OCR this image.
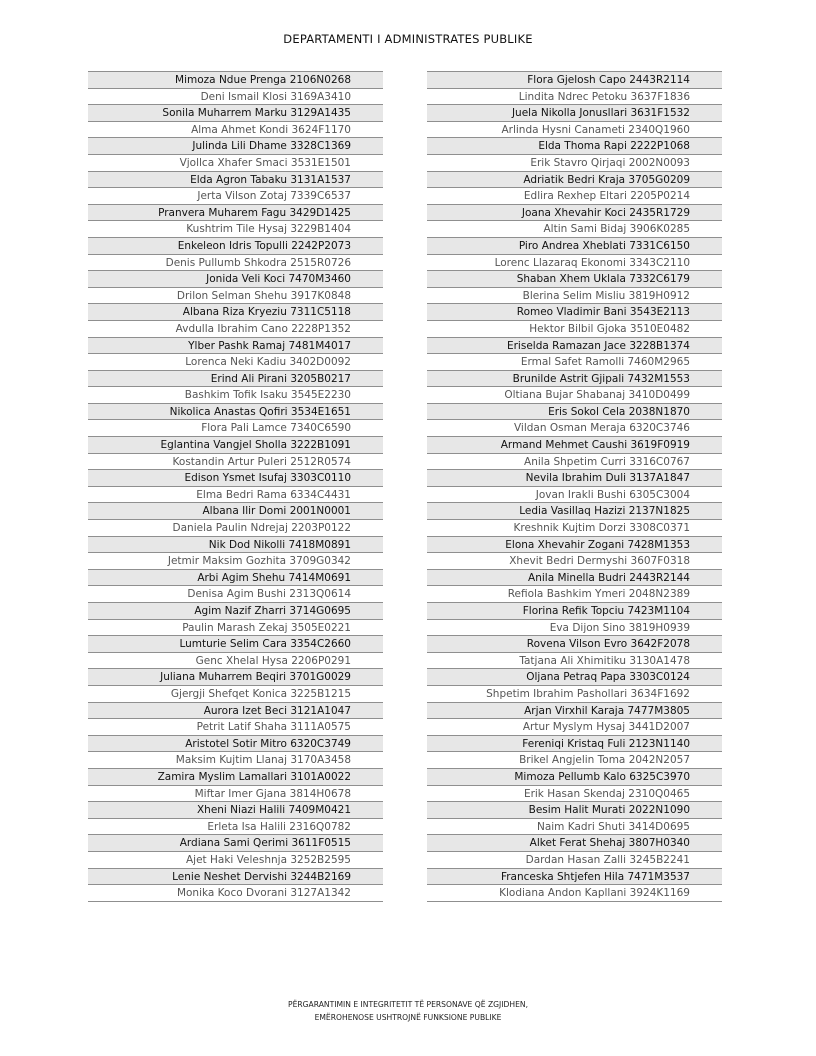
DEPARTAMENTI I ADMINISTRATES PUBLIKE
Mimoza Ndue Prenga 2106N0268
Deni Ismail Klosi 3169A3410
Sonila Muharrem Marku 3129A1435
Alma Ahmet Kondi 3624F1170
Julinda Lili Dhame 3328C1369
Vjollca Xhafer Smaci 3531E1501
Elda Agron Tabaku 3131A1537
Jerta Vilson Zotaj 7339C6537
Pranvera Muharem Fagu 3429D1425
Kushtrim Tile Hysaj 3229B1404
Enkeleon Idris Topulli 2242P2073
Denis Pullumb Shkodra 2515R0726
Jonida Veli Koci 7470M3460
Drilon Selman Shehu 3917K0848
Albana Riza Kryeziu 7311C5118
Avdulla Ibrahim Cano 2228P1352
Ylber Pashk Ramaj 7481M4017
Lorenca Neki Kadiu 3402D0092
Erind Ali Pirani 3205B0217
Bashkim Tofik Isaku 3545E2230
Nikolica Anastas Qofiri 3534E1651
Flora Pali Lamce 7340C6590
Eglantina Vangjel Sholla 3222B1091
Kostandin Artur Puleri 2512R0574
Edison Ysmet Isufaj 3303C0110
Elma Bedri Rama 6334C4431
Albana Ilir Domi 2001N0001
Daniela Paulin Ndrejaj 2203P0122
Nik Dod Nikolli 7418M0891
Jetmir Maksim Gozhita 3709G0342
Arbi Agim Shehu 7414M0691
Denisa Agim Bushi 2313Q0614
Agim Nazif Zharri 3714G0695
Paulin Marash Zekaj 3505E0221
Lumturie Selim Cara 3354C2660
Genc Xhelal Hysa 2206P0291
Juliana Muharrem Beqiri 3701G0029
Gjergji Shefqet Konica 3225B1215
Aurora Izet Beci 3121A1047
Petrit Latif Shaha 3111A0575
Aristotel Sotir Mitro 6320C3749
Maksim Kujtim Llanaj 3170A3458
Zamira Myslim Lamallari 3101A0022
Miftar Imer Gjana 3814H0678
Xheni Niazi Halili 7409M0421
Erleta Isa Halili 2316Q0782
Ardiana Sami Qerimi 3611F0515
Ajet Haki Veleshnja 3252B2595
Lenie Neshet Dervishi 3244B2169
Monika Koco Dvorani 3127A1342
Flora Gjelosh Capo 2443R2114
Lindita Ndrec Petoku 3637F1836
Juela Nikolla Jonusllari 3631F1532
Arlinda Hysni Canameti 2340Q1960
Elda Thoma Rapi 2222P1068
Erik Stavro Qirjaqi 2002N0093
Adriatik Bedri Kraja 3705G0209
Edlira Rexhep Eltari 2205P0214
Joana Xhevahir Koci 2435R1729
Altin Sami Bidaj 3906K0285
Piro Andrea Xheblati 7331C6150
Lorenc Llazaraq Ekonomi 3343C2110
Shaban Xhem Uklala 7332C6179
Blerina Selim Misliu 3819H0912
Romeo Vladimir Bani 3543E2113
Hektor Bilbil Gjoka 3510E0482
Eriselda Ramazan Jace 3228B1374
Ermal Safet Ramolli 7460M2965
Brunilde Astrit Gjipali 7432M1553
Oltiana Bujar Shabanaj 3410D0499
Eris Sokol Cela 2038N1870
Vildan Osman Meraja 6320C3746
Armand Mehmet Caushi 3619F0919
Anila Shpetim Curri 3316C0767
Nevila Ibrahim Duli 3137A1847
Jovan Irakli Bushi 6305C3004
Ledia Vasillaq Hazizi 2137N1825
Kreshnik Kujtim Dorzi 3308C0371
Elona Xhevahir Zogani 7428M1353
Xhevit Bedri Dermyshi 3607F0318
Anila Minella Budri 2443R2144
Refiola Bashkim Ymeri 2048N2389
Florina Refik Topciu 7423M1104
Eva Dijon Sino 3819H0939
Rovena Vilson Evro 3642F2078
Tatjana Ali Xhimitiku 3130A1478
Oljana Petraq Papa 3303C0124
Shpetim Ibrahim Pashollari 3634F1692
Arjan Virxhil Karaja 7477M3805
Artur Myslym Hysaj 3441D2007
Fereniqi Kristaq Fuli 2123N1140
Brikel Angjelin Toma 2042N2057
Mimoza Pellumb Kalo 6325C3970
Erik Hasan Skendaj 2310Q0465
Besim Halit Murati 2022N1090
Naim Kadri Shuti 3414D0695
Alket Ferat Shehaj 3807H0340
Dardan Hasan Zalli 3245B2241
Franceska Shtjefen Hila 7471M3537
Klodiana Andon Kapllani 3924K1169
PËRGARANTIMIN E INTEGRITETIT TË PERSONAVE QË ZGJIDHEN,
EMËROHENOSE USHTROJNË FUNKSIONE PUBLIKE
